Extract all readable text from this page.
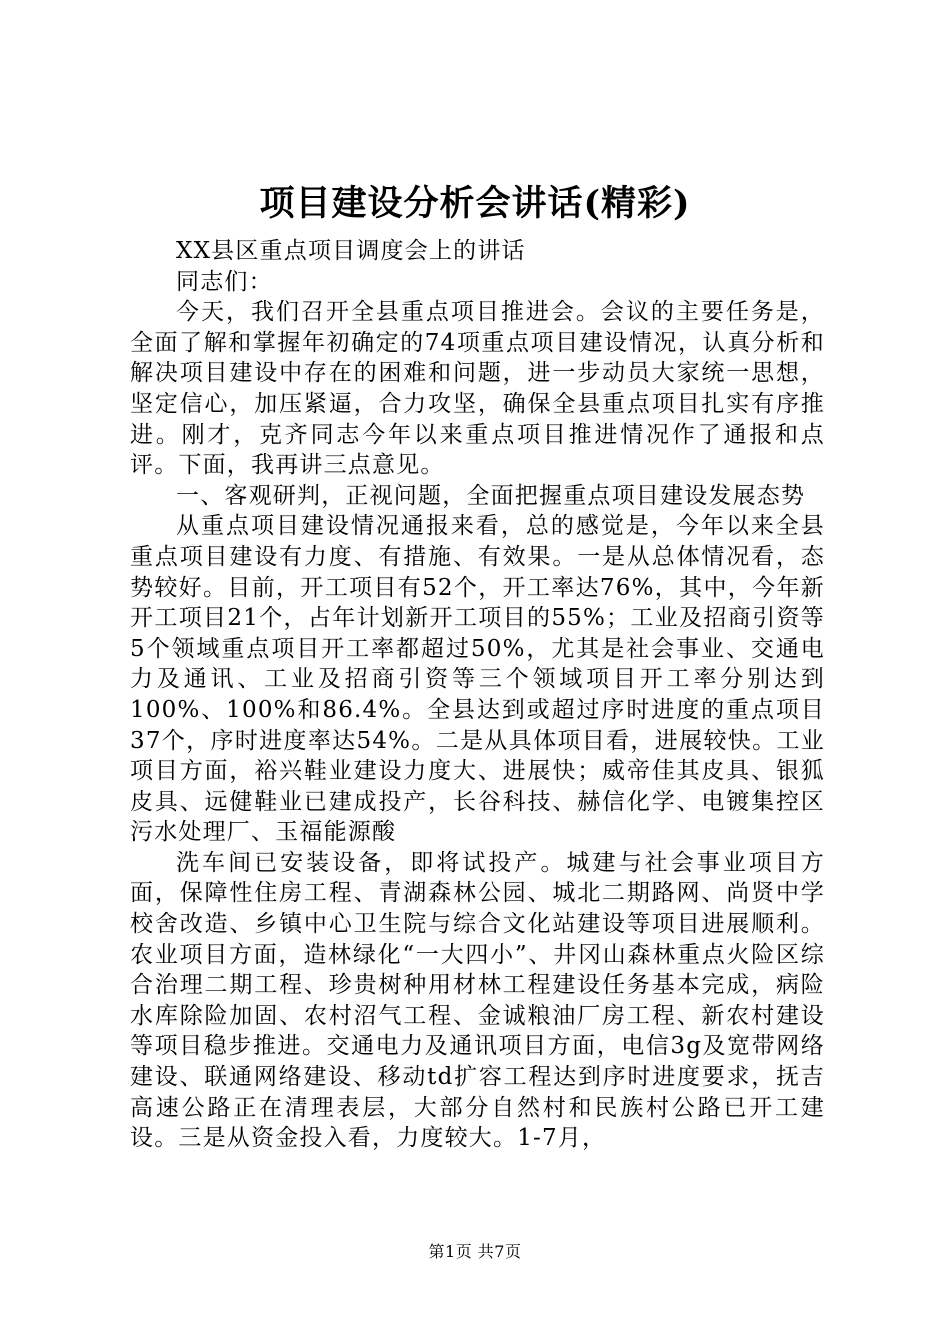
项目建设分析会讲话(精彩)

XX县区重点项目调度会上的讲话

同志们：

今天，我们召开全县重点项目推进会。会议的主要任务是，全面了解和掌握年初确定的74项重点项目建设情况，认真分析和解决项目建设中存在的困难和问题，进一步动员大家统一思想，坚定信心，加压紧逼，合力攻坚，确保全县重点项目扎实有序推进。刚才，克齐同志今年以来重点项目推进情况作了通报和点评。下面，我再讲三点意见。

一、客观研判，正视问题，全面把握重点项目建设发展态势

从重点项目建设情况通报来看，总的感觉是，今年以来全县重点项目建设有力度、有措施、有效果。一是从总体情况看，态势较好。目前，开工项目有52个，开工率达76%，其中，今年新开工项目21个，占年计划新开工项目的55%；工业及招商引资等5个领域重点项目开工率都超过50%，尤其是社会事业、交通电力及通讯、工业及招商引资等三个领域项目开工率分别达到100%、100%和86.4%。全县达到或超过序时进度的重点项目37个，序时进度率达54%。二是从具体项目看，进展较快。工业项目方面，裕兴鞋业建设力度大、进展快；威帝佳其皮具、银狐皮具、远健鞋业已建成投产，长谷科技、赫信化学、电镀集控区污水处理厂、玉福能源酸

洗车间已安装设备，即将试投产。城建与社会事业项目方面，保障性住房工程、青湖森林公园、城北二期路网、尚贤中学校舍改造、乡镇中心卫生院与综合文化站建设等项目进展顺利。农业项目方面，造林绿化“一大四小”、井冈山森林重点火险区综合治理二期工程、珍贵树种用材林工程建设任务基本完成，病险水库除险加固、农村沼气工程、金诚粮油厂房工程、新农村建设等项目稳步推进。交通电力及通讯项目方面，电信3g及宽带网络建设、联通网络建设、移动td扩容工程达到序时进度要求，抚吉高速公路正在清理表层，大部分自然村和民族村公路已开工建设。三是从资金投入看，力度较大。1-7月，

第1页 共7页
